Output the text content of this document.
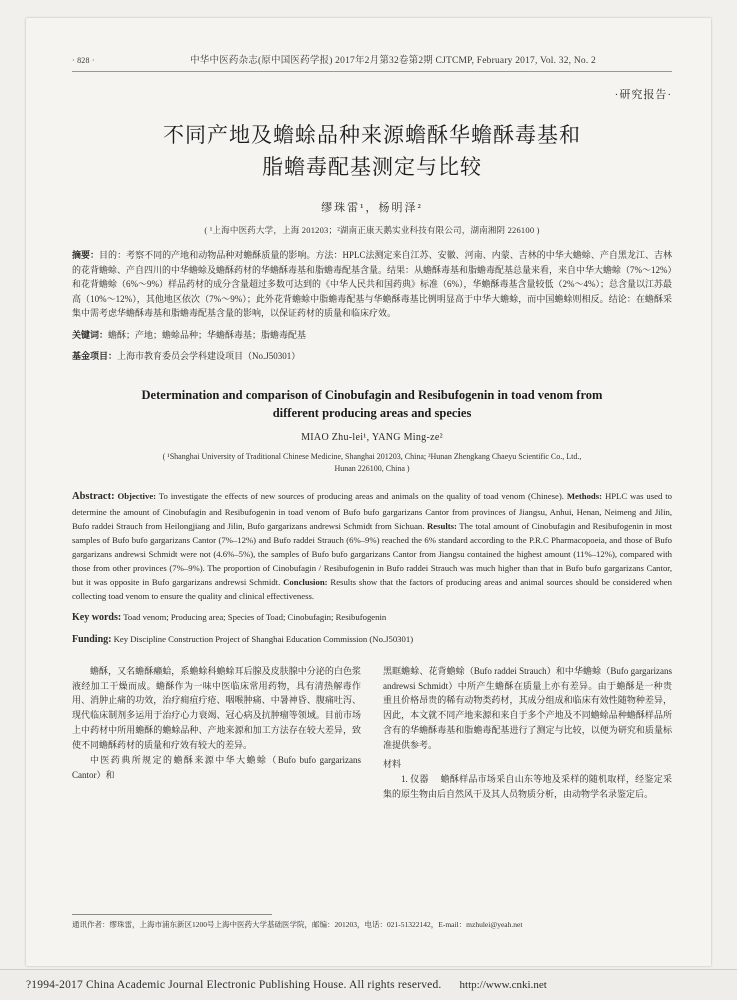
· 828 ·	中华中医药杂志(原中国医药学报) 2017年2月第32卷第2期 CJTCMP, February 2017, Vol. 32, No. 2
·研究报告·
不同产地及蟾蜍品种来源蟾酥华蟾酥毒基和
脂蟾毒配基测定与比较
缪珠雷¹，杨明泽²
( ¹上海中医药大学，上海 201203；²湖南正康天鹅实业科技有限公司，湖南湘阴 226100 )
摘要：目的：考察不同的产地和动物品种对蟾酥质量的影响。方法：HPLC法测定来自江苏、安徽、河南、内蒙、吉林的中华大蟾蜍、产自黑龙江、吉林的花背蟾蜍、产自四川的中华蟾蜍及蟾酥药材的华蟾酥毒基和脂蟾毒配基含量。结果：从蟾酥毒基和脂蟾毒配基总量来看，来自中华大蟾蜍（7%～12%）和花背蟾蜍（6%～9%）样品药材的成分含量超过多数可达到的《中华人民共和国药典》标准（6%），华蟾酥毒基含量较低（2%～4%）；总含量以江苏最高（10%～12%），其他地区依次（7%～9%）；此外花背蟾蜍中脂蟾毒配基与华蟾酥毒基比例明显高于中华大蟾蜍，而中国蟾蜍则相反。结论：在蟾酥采集中需考虑华蟾酥毒基和脂蟾毒配基含量的影响，以保证药材的质量和临床疗效。
关键词：蟾酥；产地；蟾蜍品种；华蟾酥毒基；脂蟾毒配基
基金项目：上海市教育委员会学科建设项目（No.J50301）
Determination and comparison of Cinobufagin and Resibufogenin in toad venom from
different producing areas and species
MIAO Zhu-lei¹, YANG Ming-ze²
( ¹Shanghai University of Traditional Chinese Medicine, Shanghai 201203, China; ²Hunan Zhengkang Chaeyu Scientific Co., Ltd.,
Hunan 226100, China )
Abstract: Objective: To investigate the effects of new sources of producing areas and animals on the quality of toad venom (Chinese). Methods: HPLC was used to determine the amount of Cinobufagin and Resibufogenin in toad venom of Bufo bufo gargarizans Cantor from provinces of Jiangsu, Anhui, Henan, Neimeng and Jilin, Bufo raddei Strauch from Heilongjiang and Jilin, Bufo gargarizans andrewsi Schmidt from Sichuan. Results: The total amount of Cinobufagin and Resibufogenin in most samples of Bufo bufo gargarizans Cantor (7%–12%) and Bufo raddei Strauch (6%–9%) reached the 6% standard according to the P.R.C Pharmacopoeia, and those of Bufo gargarizans andrewsi Schmidt were not (4.6%–5%), the samples of Bufo bufo gargarizans Cantor from Jiangsu contained the highest amount (11%–12%), compared with those from other provinces (7%–9%). The proportion of Cinobufagin / Resibufogenin in Bufo raddei Strauch was much higher than that in Bufo bufo gargarizans Cantor, but it was opposite in Bufo gargarizans andrewsi Schmidt. Conclusion: Results show that the factors of producing areas and animal sources should be considered when collecting toad venom to ensure the quality and clinical effectiveness.
Key words: Toad venom; Producing area; Species of Toad; Cinobufagin; Resibufogenin
Funding: Key Discipline Construction Project of Shanghai Education Commission (No.J50301)

蟾酥，又名蟾酥癞蛤，系蟾蜍科蟾蜍耳后腺及皮肤腺中分泌的白色浆液经加工干燥而成。蟾酥作为一味中医临床常用药物，具有清热解毒作用、消肿止痛的功效，治疗痈疽疔疮、咽喉肿痛、中暑神昏、腹痛吐泻、现代临床制剂多运用于治疗心力衰竭、冠心病及抗肿瘤等领域。目前市场上中药材中所用蟾酥的蟾蜍品种、产地来源和加工方法存在较大差异，致使不同蟾酥药材的质量和疗效有较大的差异。

中医药典所规定的蟾酥来源中华大蟾蜍（Bufo bufo gargarizans Cantor）和

黑眶蟾蜍、花背蟾蜍（Bufo raddei Strauch）和中华蟾蜍（Bufo gargarizans andrewsi Schmidt）中所产生蟾酥在质量上亦有差异。由于蟾酥是一种贵重且价格昂贵的稀有动物类药材，其成分组成和临床有效性随物种差异，因此，本文就不同产地来源和来自于多个产地及不同蟾蜍品种蟾酥样品所含有的华蟾酥毒基和脂蟾毒配基进行了测定与比较，以便为研究和质量标准提供参考。

材料

1. 仪器 　蟾酥样品市场采自山东等地及采样的随机取样，经鉴定采集的原生物由后自然风干及其人员物质分析，由动物学名录鉴定后。

通讯作者：缪珠雷，上海市浦东新区1200号上海中医药大学基础医学院，邮编：201203，电话：021-51322142，E-mail：mzhulei@yeah.net
?1994-2017 China Academic Journal Electronic Publishing House. All rights reserved.	http://www.cnki.net
